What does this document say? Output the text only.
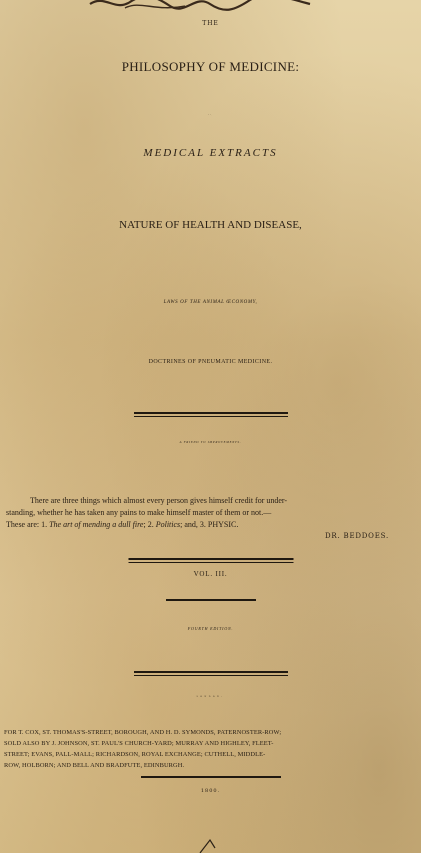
THE
PHILOSOPHY OF MEDICINE:
OR,
MEDICAL EXTRACTS
NATURE OF HEALTH AND DISEASE,
LAWS OF THE ANIMAL ŒCONOMY,
DOCTRINES OF PNEUMATIC MEDICINE.
A FRIEND TO IMPROVEMENTS.
There are three things which almost every person gives himself credit for under-
standing, whether he has taken any pains to make himself master of them or not.—
These are: 1. The art of mending a dull fire; 2. Politics; and, 3. PHYSIC.
DR. BEDDOES.
VOL. III.
FOURTH EDITION.
LONDON:
FOR T. COX, ST. THOMAS'S-STREET, BOROUGH, AND H. D. SYMONDS, PATERNOSTER-ROW;
SOLD ALSO BY J. JOHNSON, ST. PAUL'S CHURCH-YARD; MURRAY AND HIGHLEY, FLEET-
STREET; EVANS, PALL-MALL; RICHARDSON, ROYAL EXCHANGE; CUTHELL, MIDDLE-
ROW, HOLBORN; AND BELL AND BRADFUTE, EDINBURGH.
1800.
